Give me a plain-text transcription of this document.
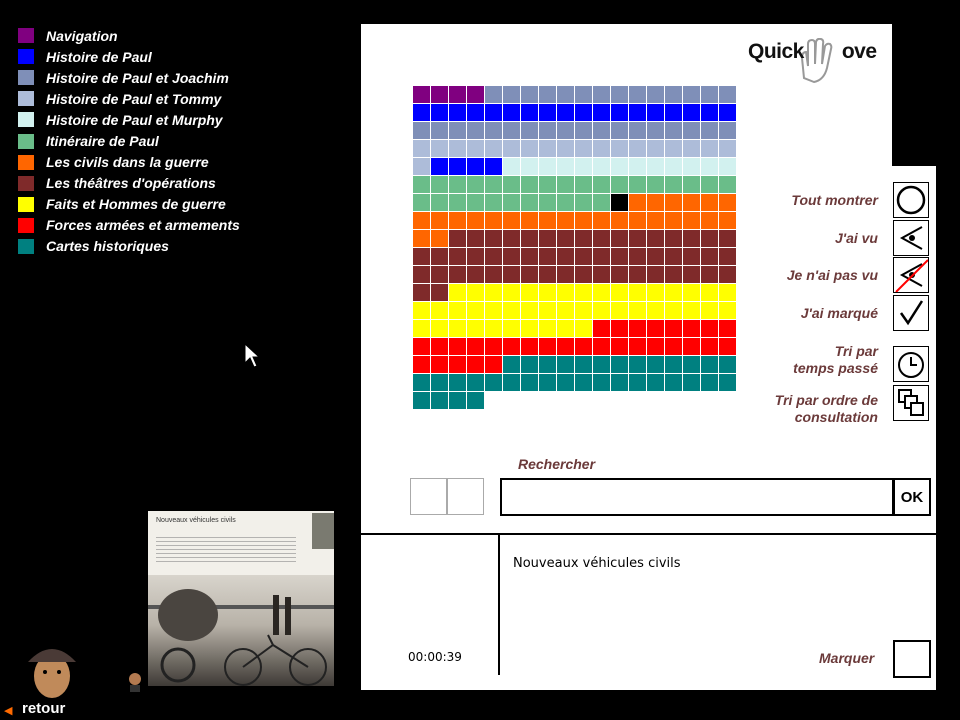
Navigation
Histoire de Paul
Histoire de Paul et Joachim
Histoire de Paul et Tommy
Histoire de Paul et Murphy
Itinéraire de Paul
Les civils dans la guerre
Les théâtres d'opérations
Faits et Hommes de guerre
Forces armées et armements
Cartes historiques
Quick ove
Tout montrer
J'ai vu
Je n'ai pas vu
J'ai marqué
Tri par
temps passé
Tri par ordre de
consultation
Rechercher
OK
Nouveaux véhicules civils
00:00:39	Marquer
Nouveaux véhicules civils
◀ retour
